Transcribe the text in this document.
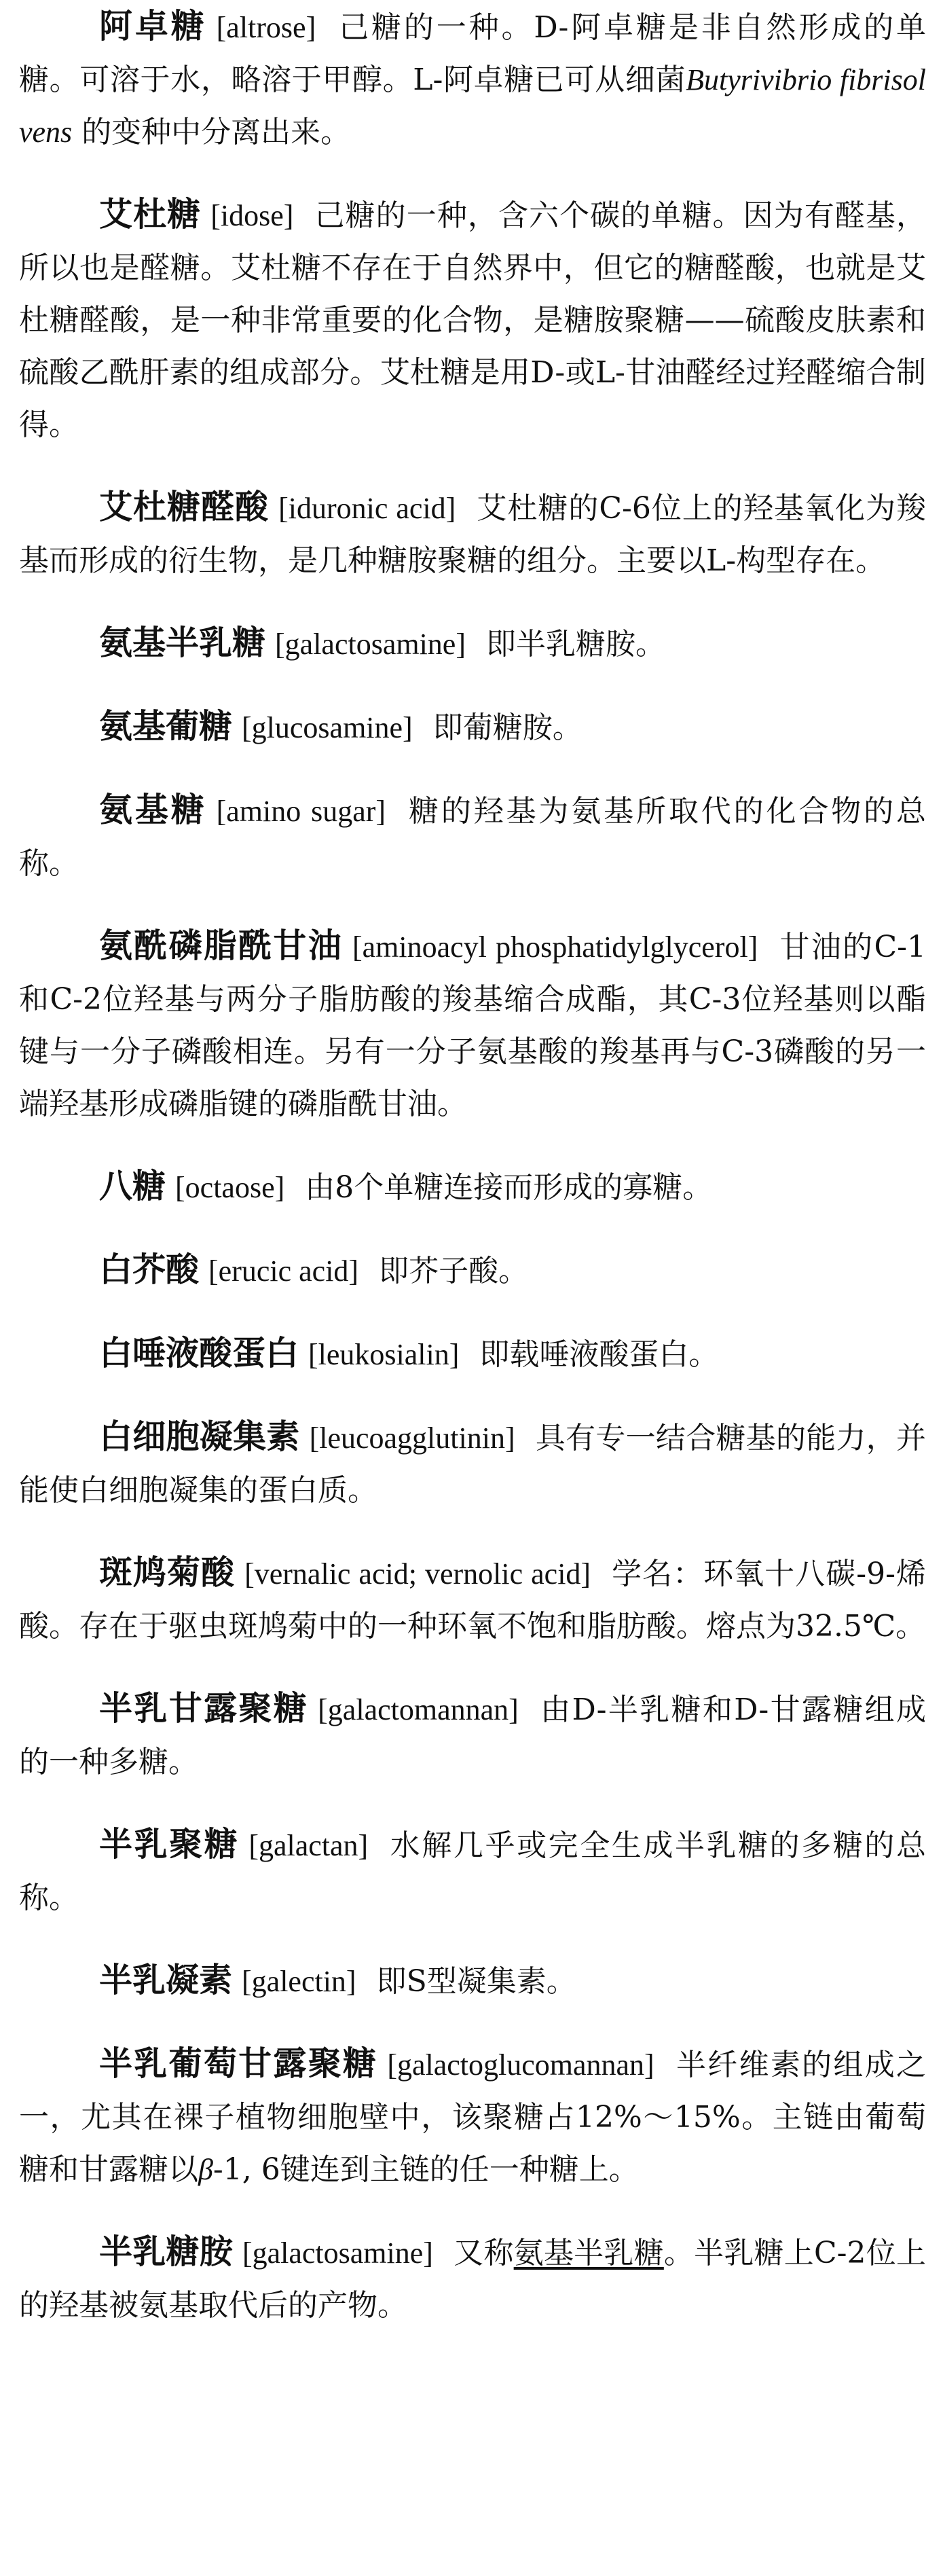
阿卓糖 [altrose] 己糖的一种。D-阿卓糖是非自然形成的单糖。可溶于水，略溶于甲醇。L-阿卓糖已可从细菌Butyrivibrio fibrisolvens 的变种中分离出来。

艾杜糖 [idose] 己糖的一种，含六个碳的单糖。因为有醛基，所以也是醛糖。艾杜糖不存在于自然界中，但它的糖醛酸，也就是艾杜糖醛酸，是一种非常重要的化合物，是糖胺聚糖——硫酸皮肤素和硫酸乙酰肝素的组成部分。艾杜糖是用D-或L-甘油醛经过羟醛缩合制得。

艾杜糖醛酸 [iduronic acid] 艾杜糖的C-6位上的羟基氧化为羧基而形成的衍生物，是几种糖胺聚糖的组分。主要以L-构型存在。

氨基半乳糖 [galactosamine] 即半乳糖胺。

氨基葡糖 [glucosamine] 即葡糖胺。

氨基糖 [amino sugar] 糖的羟基为氨基所取代的化合物的总称。

氨酰磷脂酰甘油 [aminoacyl phosphatidylglycerol] 甘油的C-1和C-2位羟基与两分子脂肪酸的羧基缩合成酯，其C-3位羟基则以酯键与一分子磷酸相连。另有一分子氨基酸的羧基再与C-3磷酸的另一端羟基形成磷脂键的磷脂酰甘油。

八糖 [octaose] 由8个单糖连接而形成的寡糖。

白芥酸 [erucic acid] 即芥子酸。

白唾液酸蛋白 [leukosialin] 即载唾液酸蛋白。

白细胞凝集素 [leucoagglutinin] 具有专一结合糖基的能力，并能使白细胞凝集的蛋白质。

斑鸠菊酸 [vernalic acid; vernolic acid] 学名：环氧十八碳-9-烯酸。存在于驱虫斑鸠菊中的一种环氧不饱和脂肪酸。熔点为32.5℃。

半乳甘露聚糖 [galactomannan] 由D-半乳糖和D-甘露糖组成的一种多糖。

半乳聚糖 [galactan] 水解几乎或完全生成半乳糖的多糖的总称。

半乳凝素 [galectin] 即S型凝集素。

半乳葡萄甘露聚糖 [galactoglucomannan] 半纤维素的组成之一，尤其在裸子植物细胞壁中，该聚糖占12%～15%。主链由葡萄糖和甘露糖以β-1, 6键连到主链的任一种糖上。

半乳糖胺 [galactosamine] 又称氨基半乳糖。半乳糖上C-2位上的羟基被氨基取代后的产物。
